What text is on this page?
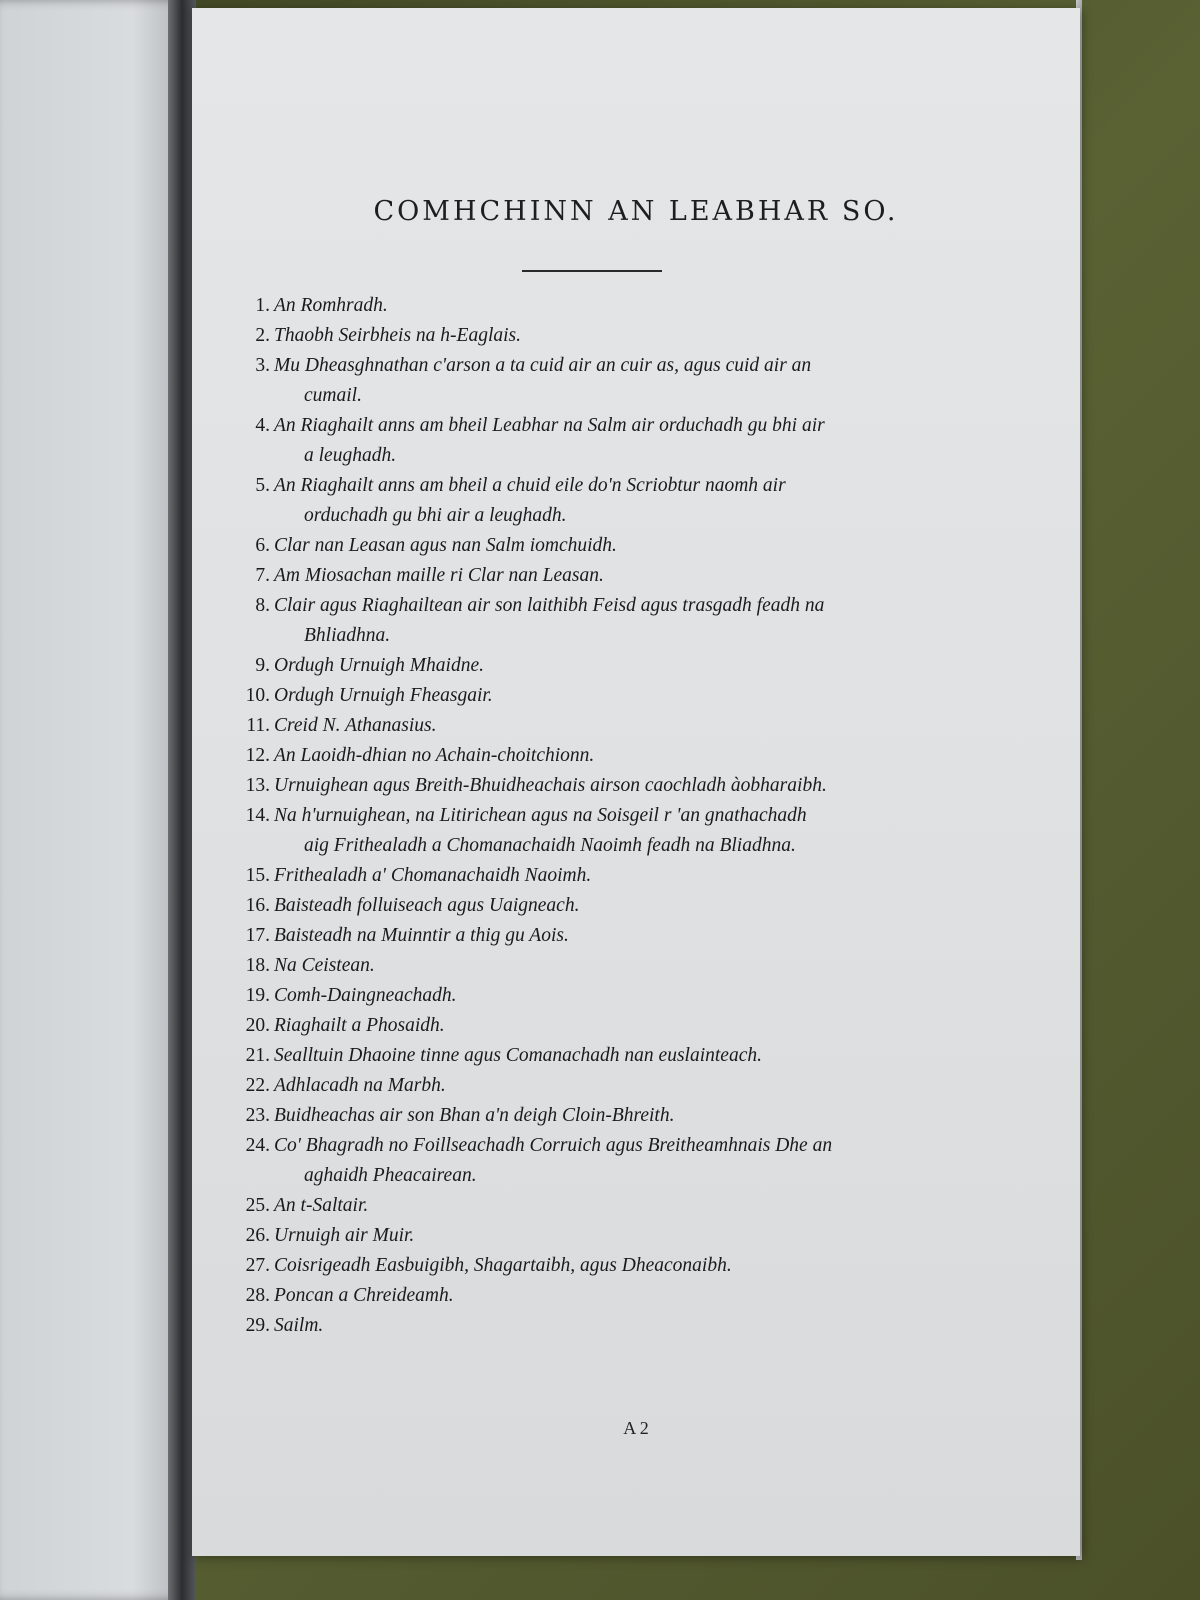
COMHCHINN AN LEABHAR SO.
1. An Romhradh.
2. Thaobh Seirbheis na h-Eaglais.
3. Mu Dheasghnathan c'arson a ta cuid air an cuir as, agus cuid air an
cumail.
4. An Riaghailt anns am bheil Leabhar na Salm air orduchadh gu bhi air
a leughadh.
5. An Riaghailt anns am bheil a chuid eile do'n Scriobtur naomh air
orduchadh gu bhi air a leughadh.
6. Clar nan Leasan agus nan Salm iomchuidh.
7. Am Miosachan maille ri Clar nan Leasan.
8. Clair agus Riaghailtean air son laithibh Feisd agus trasgadh feadh na
Bhliadhna.
9. Ordugh Urnuigh Mhaidne.
10. Ordugh Urnuigh Fheasgair.
11. Creid N. Athanasius.
12. An Laoidh-dhian no Achain-choitchionn.
13. Urnuighean agus Breith-Bhuidheachais airson caochladh àobharaibh.
14. Na h'urnuighean, na Litirichean agus na Soisgeil r 'an gnathachadh
aig Frithealadh a Chomanachaidh Naoimh feadh na Bliadhna.
15. Frithealadh a' Chomanachaidh Naoimh.
16. Baisteadh folluiseach agus Uaigneach.
17. Baisteadh na Muinntir a thig gu Aois.
18. Na Ceistean.
19. Comh-Daingneachadh.
20. Riaghailt a Phosaidh.
21. Sealltuin Dhaoine tinne agus Comanachadh nan euslainteach.
22. Adhlacadh na Marbh.
23. Buidheachas air son Bhan a'n deigh Cloin-Bhreith.
24. Co' Bhagradh no Foillseachadh Corruich agus Breitheamhnais Dhe an
aghaidh Pheacairean.
25. An t-Saltair.
26. Urnuigh air Muir.
27. Coisrigeadh Easbuigibh, Shagartaibh, agus Dheaconaibh.
28. Poncan a Chreideamh.
29. Sailm.
A 2
